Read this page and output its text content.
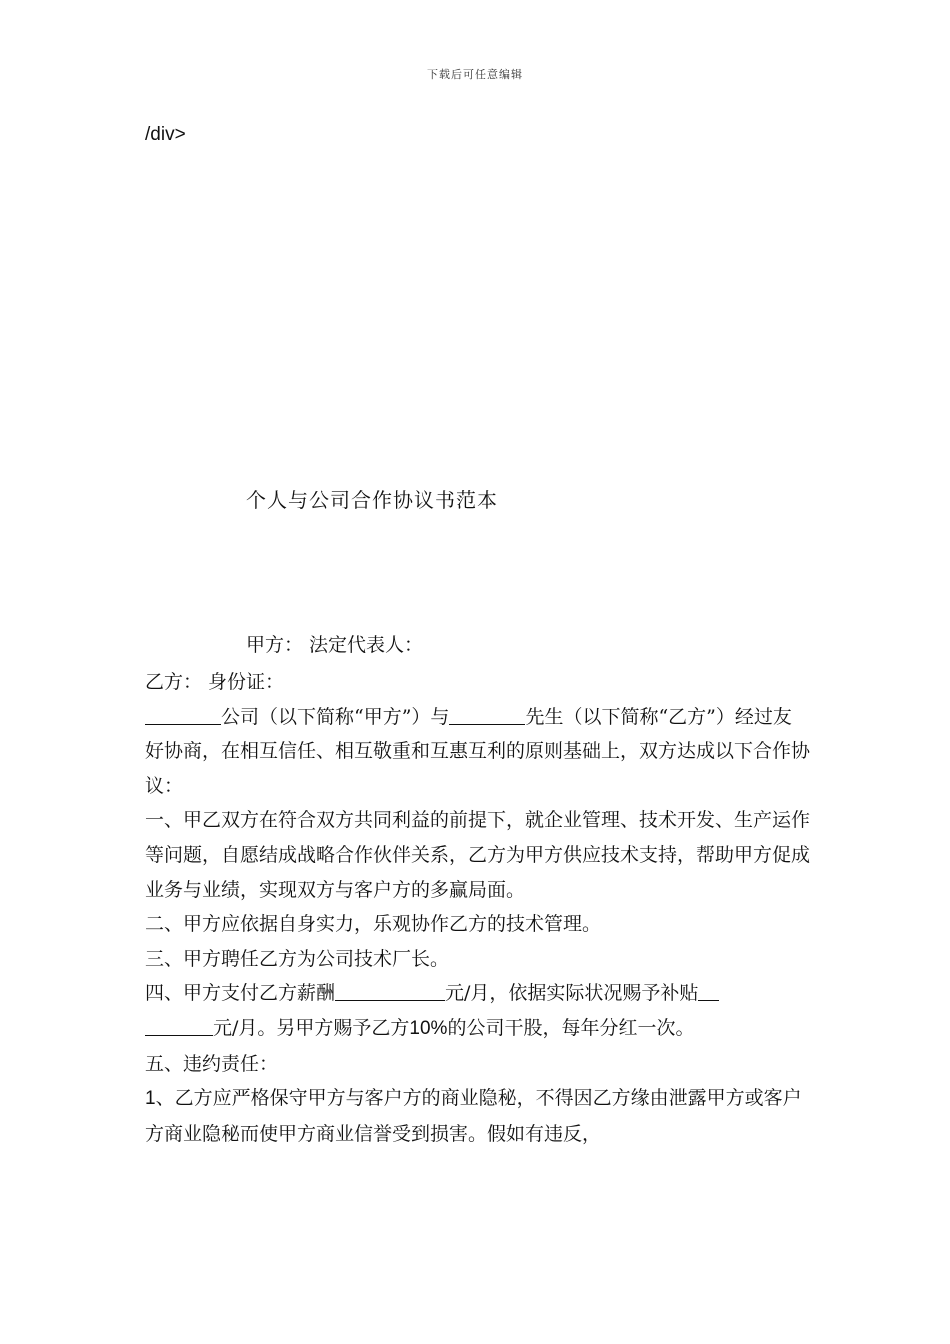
下载后可任意编辑
/div>
个人与公司合作协议书范本
甲方： 法定代表人：

乙方： 身份证：

公司（以下简称“甲方”）与	先生（以下简称“乙方”）经过友好协商，在相互信任、相互敬重和互惠互利的原则基础上，双方达成以下合作协议：

一、甲乙双方在符合双方共同利益的前提下，就企业管理、技术开发、生产运作等问题，自愿结成战略合作伙伴关系，乙方为甲方供应技术支持，帮助甲方促成业务与业绩，实现双方与客户方的多赢局面。

二、甲方应依据自身实力，乐观协作乙方的技术管理。

三、甲方聘任乙方为公司技术厂长。

四、甲方支付乙方薪酬	元/月，依据实际状况赐予补贴
元/月。另甲方赐予乙方10%的公司干股，每年分红一次。

五、违约责任：

1、乙方应严格保守甲方与客户方的商业隐秘，不得因乙方缘由泄露甲方或客户方商业隐秘而使甲方商业信誉受到损害。假如有违反，
